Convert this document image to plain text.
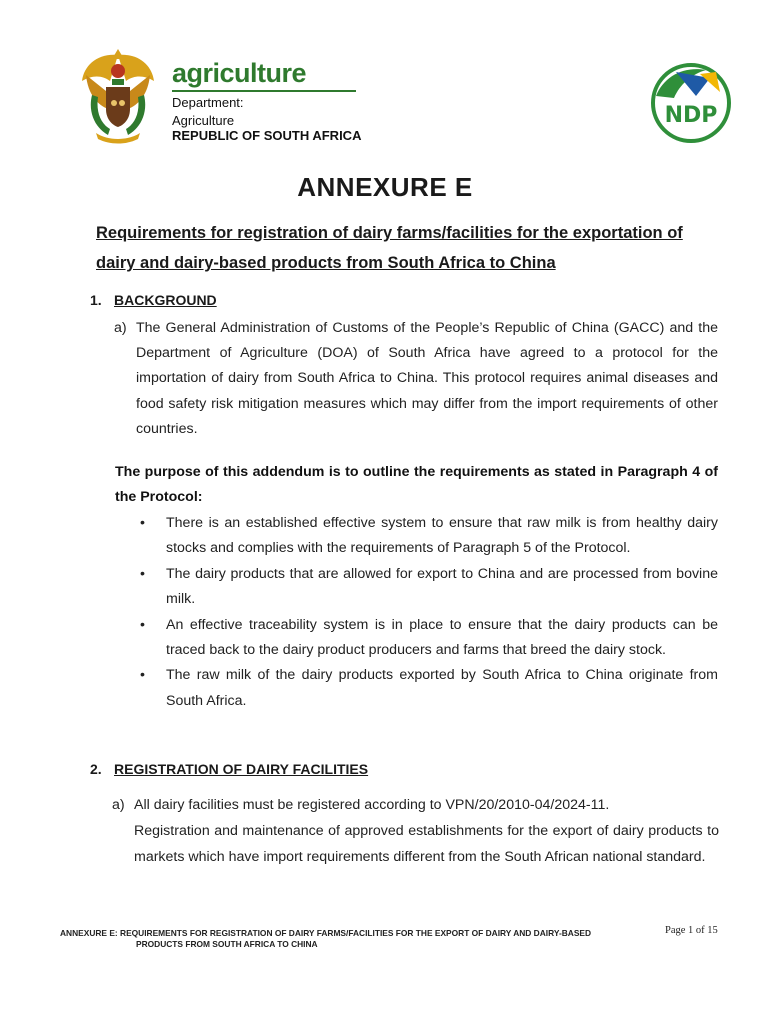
agriculture
Department:
Agriculture
REPUBLIC OF SOUTH AFRICA
NDP
ANNEXURE E
Requirements for registration of dairy farms/facilities for the exportation of dairy and dairy-based products from South Africa to China
1. BACKGROUND
a) The General Administration of Customs of the People’s Republic of China (GACC) and the Department of Agriculture (DOA) of South Africa have agreed to a protocol for the importation of dairy from South Africa to China. This protocol requires animal diseases and food safety risk mitigation measures which may differ from the import requirements of other countries.
The purpose of this addendum is to outline the requirements as stated in Paragraph 4 of the Protocol:
• There is an established effective system to ensure that raw milk is from healthy dairy stocks and complies with the requirements of Paragraph 5 of the Protocol.
• The dairy products that are allowed for export to China and are processed from bovine milk.
• An effective traceability system is in place to ensure that the dairy products can be traced back to the dairy product producers and farms that breed the dairy stock.
• The raw milk of the dairy products exported by South Africa to China originate from South Africa.
2. REGISTRATION OF DAIRY FACILITIES
a) All dairy facilities must be registered according to VPN/20/2010-04/2024-11.
Registration and maintenance of approved establishments for the export of dairy products to markets which have import requirements different from the South African national standard.
ANNEXURE E: REQUIREMENTS FOR REGISTRATION OF DAIRY FARMS/FACILITIES FOR THE EXPORT OF DAIRY AND DAIRY-BASED
PRODUCTS FROM SOUTH AFRICA TO CHINA
Page 1 of 15
